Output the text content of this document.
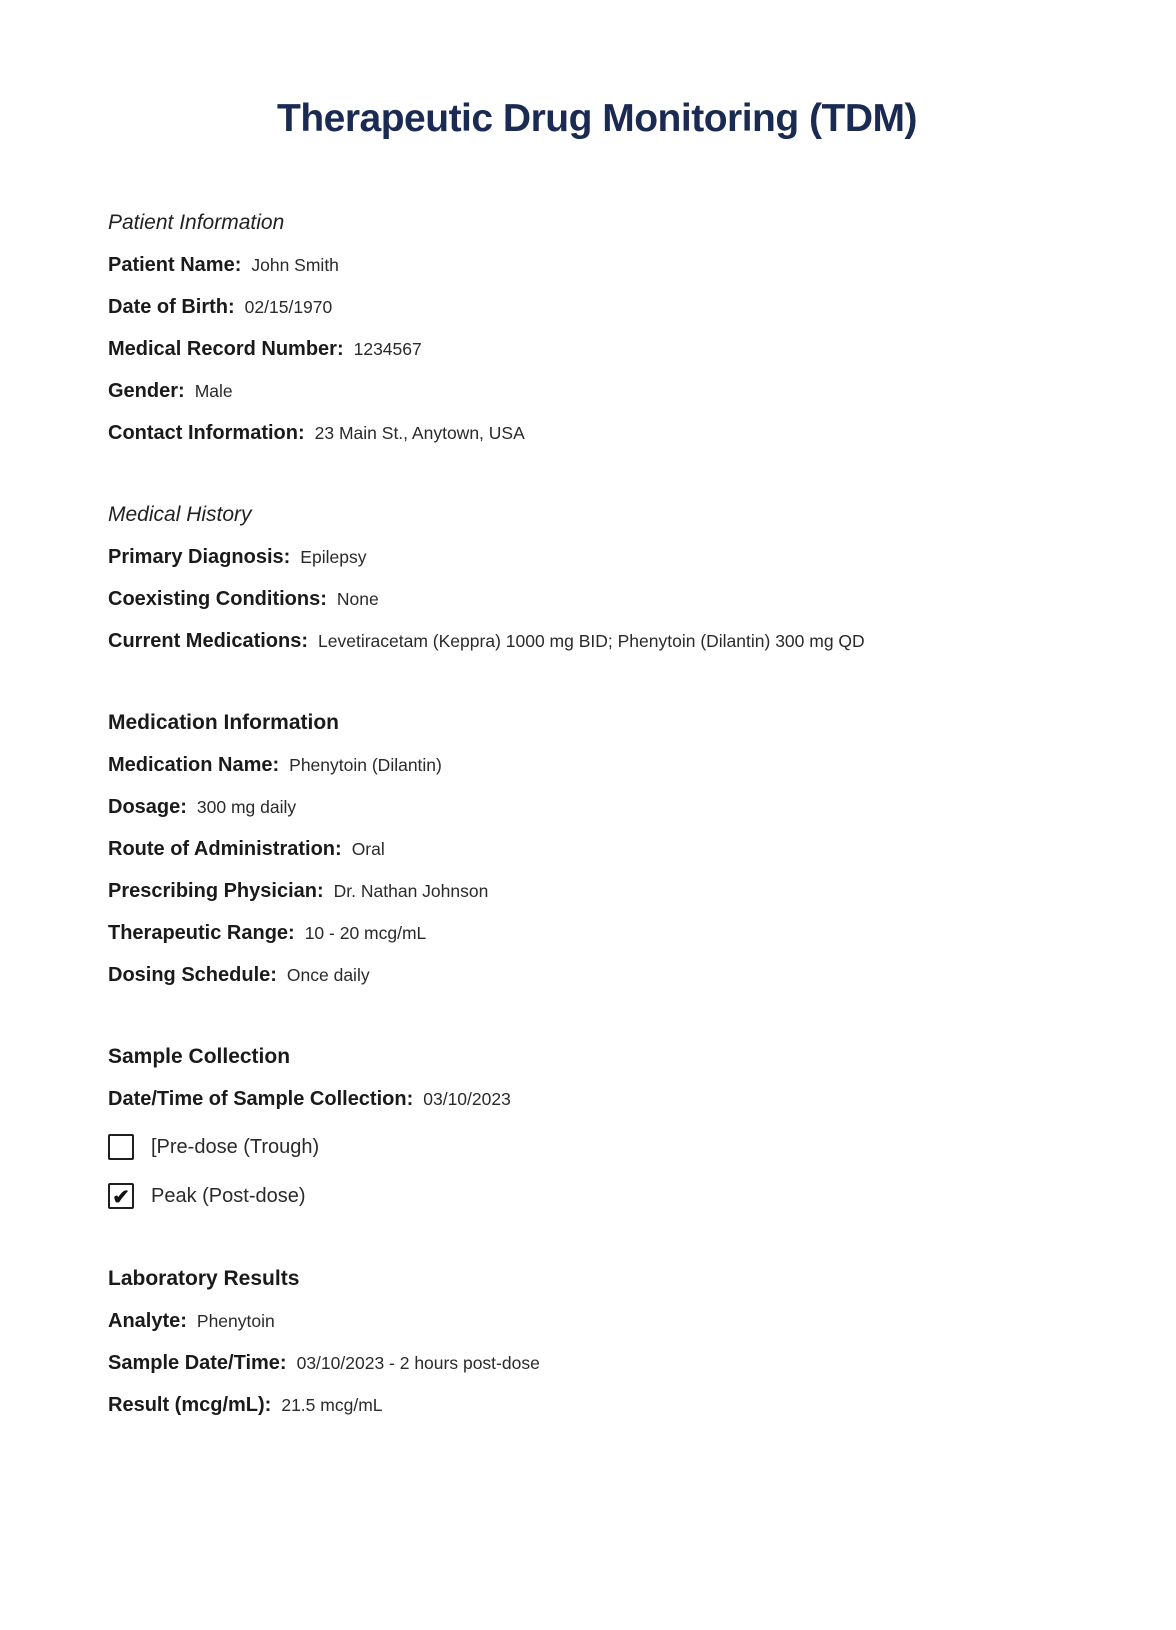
Therapeutic Drug Monitoring (TDM)
Patient Information
Patient Name: John Smith
Date of Birth: 02/15/1970
Medical Record Number: 1234567
Gender: Male
Contact Information: 23 Main St., Anytown, USA
Medical History
Primary Diagnosis: Epilepsy
Coexisting Conditions: None
Current Medications: Levetiracetam (Keppra) 1000 mg BID; Phenytoin (Dilantin) 300 mg QD
Medication Information
Medication Name: Phenytoin (Dilantin)
Dosage: 300 mg daily
Route of Administration: Oral
Prescribing Physician: Dr. Nathan Johnson
Therapeutic Range: 10 - 20 mcg/mL
Dosing Schedule: Once daily
Sample Collection
Date/Time of Sample Collection: 03/10/2023
[Pre-dose (Trough)
✔ Peak (Post-dose)
Laboratory Results
Analyte: Phenytoin
Sample Date/Time: 03/10/2023 - 2 hours post-dose
Result (mcg/mL): 21.5 mcg/mL
